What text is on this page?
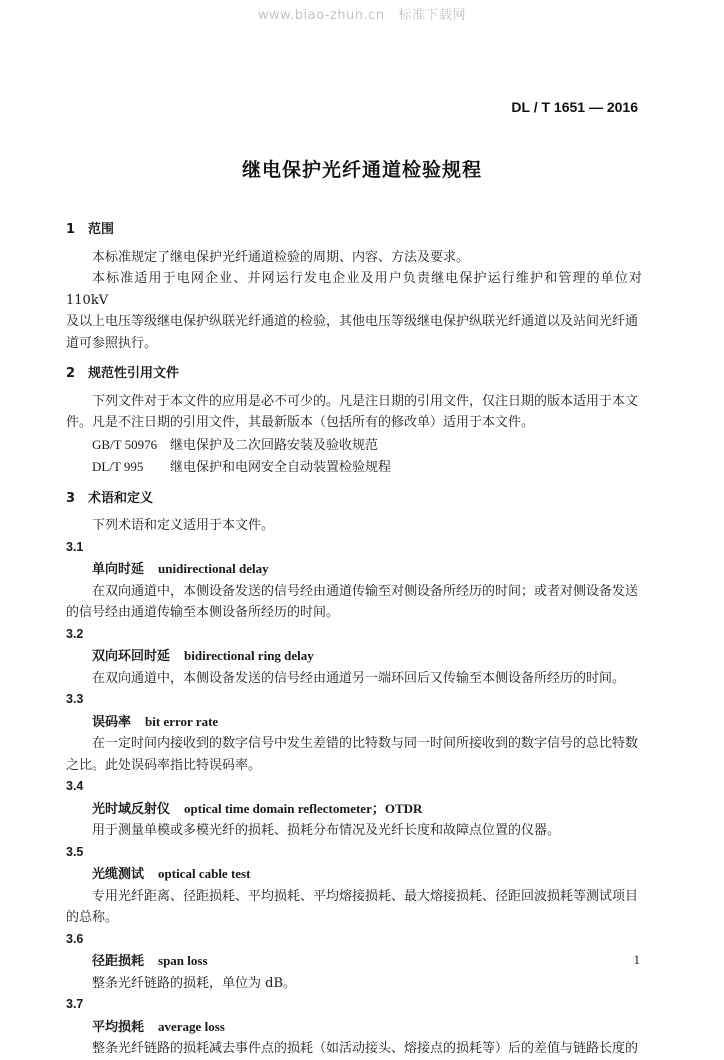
www.biao-zhun.cn 标准下载网
DL / T 1651 — 2016
继电保护光纤通道检验规程
1 范围
本标准规定了继电保护光纤通道检验的周期、内容、方法及要求。
本标准适用于电网企业、并网运行发电企业及用户负责继电保护运行维护和管理的单位对 110kV
及以上电压等级继电保护纵联光纤通道的检验，其他电压等级继电保护纵联光纤通道以及站间光纤通
道可参照执行。
2 规范性引用文件
下列文件对于本文件的应用是必不可少的。凡是注日期的引用文件，仅注日期的版本适用于本文
件。凡是不注日期的引用文件，其最新版本（包括所有的修改单）适用于本文件。
GB/T 50976 继电保护及二次回路安装及验收规范
DL/T 995 继电保护和电网安全自动装置检验规程
3 术语和定义
下列术语和定义适用于本文件。
3.1
单向时延 unidirectional delay
在双向通道中，本侧设备发送的信号经由通道传输至对侧设备所经历的时间；或者对侧设备发送
的信号经由通道传输至本侧设备所经历的时间。
3.2
双向环回时延 bidirectional ring delay
在双向通道中，本侧设备发送的信号经由通道另一端环回后又传输至本侧设备所经历的时间。
3.3
误码率 bit error rate
在一定时间内接收到的数字信号中发生差错的比特数与同一时间所接收到的数字信号的总比特数
之比。此处误码率指比特误码率。
3.4
光时域反射仪 optical time domain reflectometer；OTDR
用于测量单模或多模光纤的损耗、损耗分布情况及光纤长度和故障点位置的仪器。
3.5
光缆测试 optical cable test
专用光纤距离、径距损耗、平均损耗、平均熔接损耗、最大熔接损耗、径距回波损耗等测试项目
的总称。
3.6
径距损耗 span loss
整条光纤链路的损耗，单位为 dB。
3.7
平均损耗 average loss
整条光纤链路的损耗减去事件点的损耗（如活动接头、熔接点的损耗等）后的差值与链路长度的
1
